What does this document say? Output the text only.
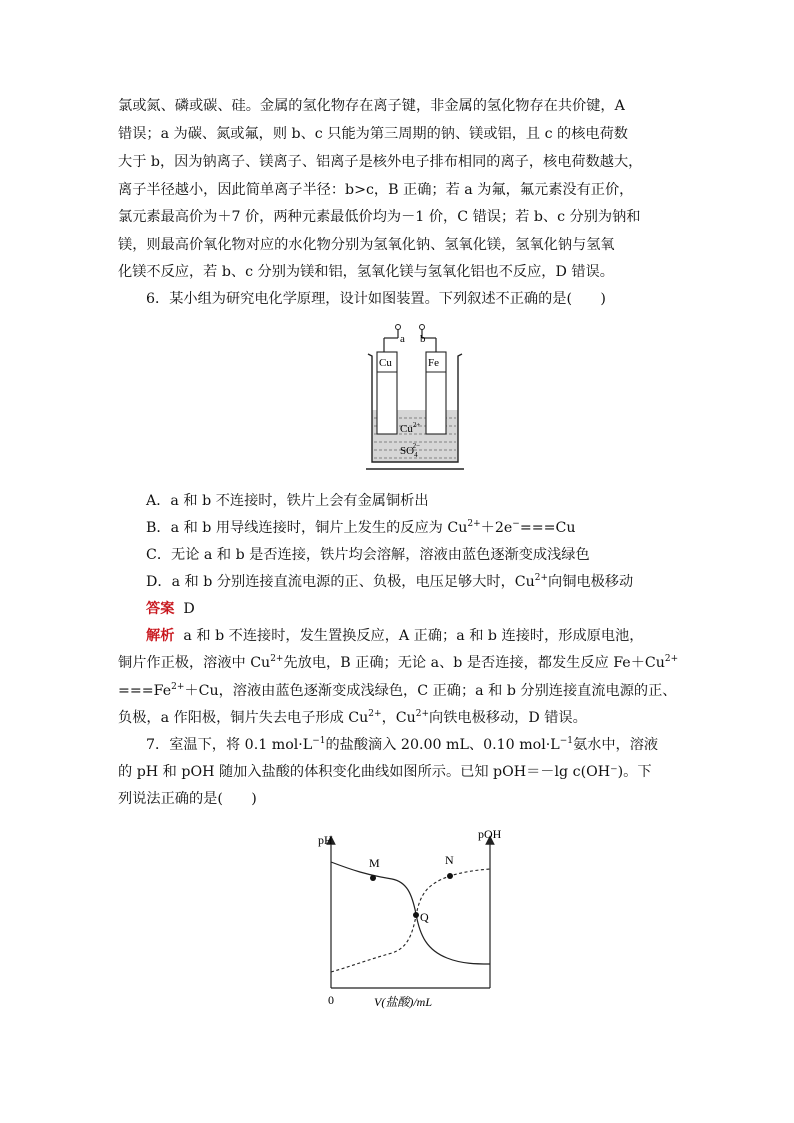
氯或氮、磷或碳、硅。金属的氢化物存在离子键，非金属的氢化物存在共价键，A
错误；a 为碳、氮或氟，则 b、c 只能为第三周期的钠、镁或铝，且 c 的核电荷数
大于 b，因为钠离子、镁离子、铝离子是核外电子排布相同的离子，核电荷数越大，
离子半径越小，因此简单离子半径：b>c，B 正确；若 a 为氟，氟元素没有正价，
氯元素最高价为＋7 价，两种元素最低价均为－1 价，C 错误；若 b、c 分别为钠和
镁，则最高价氧化物对应的水化物分别为氢氧化钠、氢氧化镁，氢氧化钠与氢氧
化镁不反应，若 b、c 分别为镁和铝，氢氧化镁与氢氧化铝也不反应，D 错误。
6．某小组为研究电化学原理，设计如图装置。下列叙述不正确的是(　　)
a b
Cu	Fe
$Cu^{2+}$
$SO_42-$
A．a 和 b 不连接时，铁片上会有金属铜析出
B．a 和 b 用导线连接时，铜片上发生的反应为 $Cu^{2+}+2e^-===Cu$
C．无论 a 和 b 是否连接，铁片均会溶解，溶液由蓝色逐渐变成浅绿色
D．a 和 b 分别连接直流电源的正、负极，电压足够大时，$Cu^{2+}$向铜电极移动
答案 D
解析 a 和 b 不连接时，发生置换反应，A 正确；a 和 b 连接时，形成原电池，
铜片作正极，溶液中 $Cu^{2+}$先放电，B 正确；无论 a、b 是否连接，都发生反应 $Fe+Cu^{2+}$
$===Fe^{2+}+Cu$，溶液由蓝色逐渐变成浅绿色，C 正确；a 和 b 分别连接直流电源的正、
负极，a 作阳极，铜片失去电子形成 $Cu^{2+}$，$Cu^{2+}$向铁电极移动，D 错误。
7．室温下，将 0.1 $mol\cdot L^{-1}$的盐酸滴入 20.00 mL、0.10 $mol\cdot L^{-1}$氨水中，溶液
的 pH 和 pOH 随加入盐酸的体积变化曲线如图所示。已知 pOH＝－lg c(OH⁻)。下
列说法正确的是(　　)
pH	pOH
0	V(盐酸)/mL
M	N
Q
